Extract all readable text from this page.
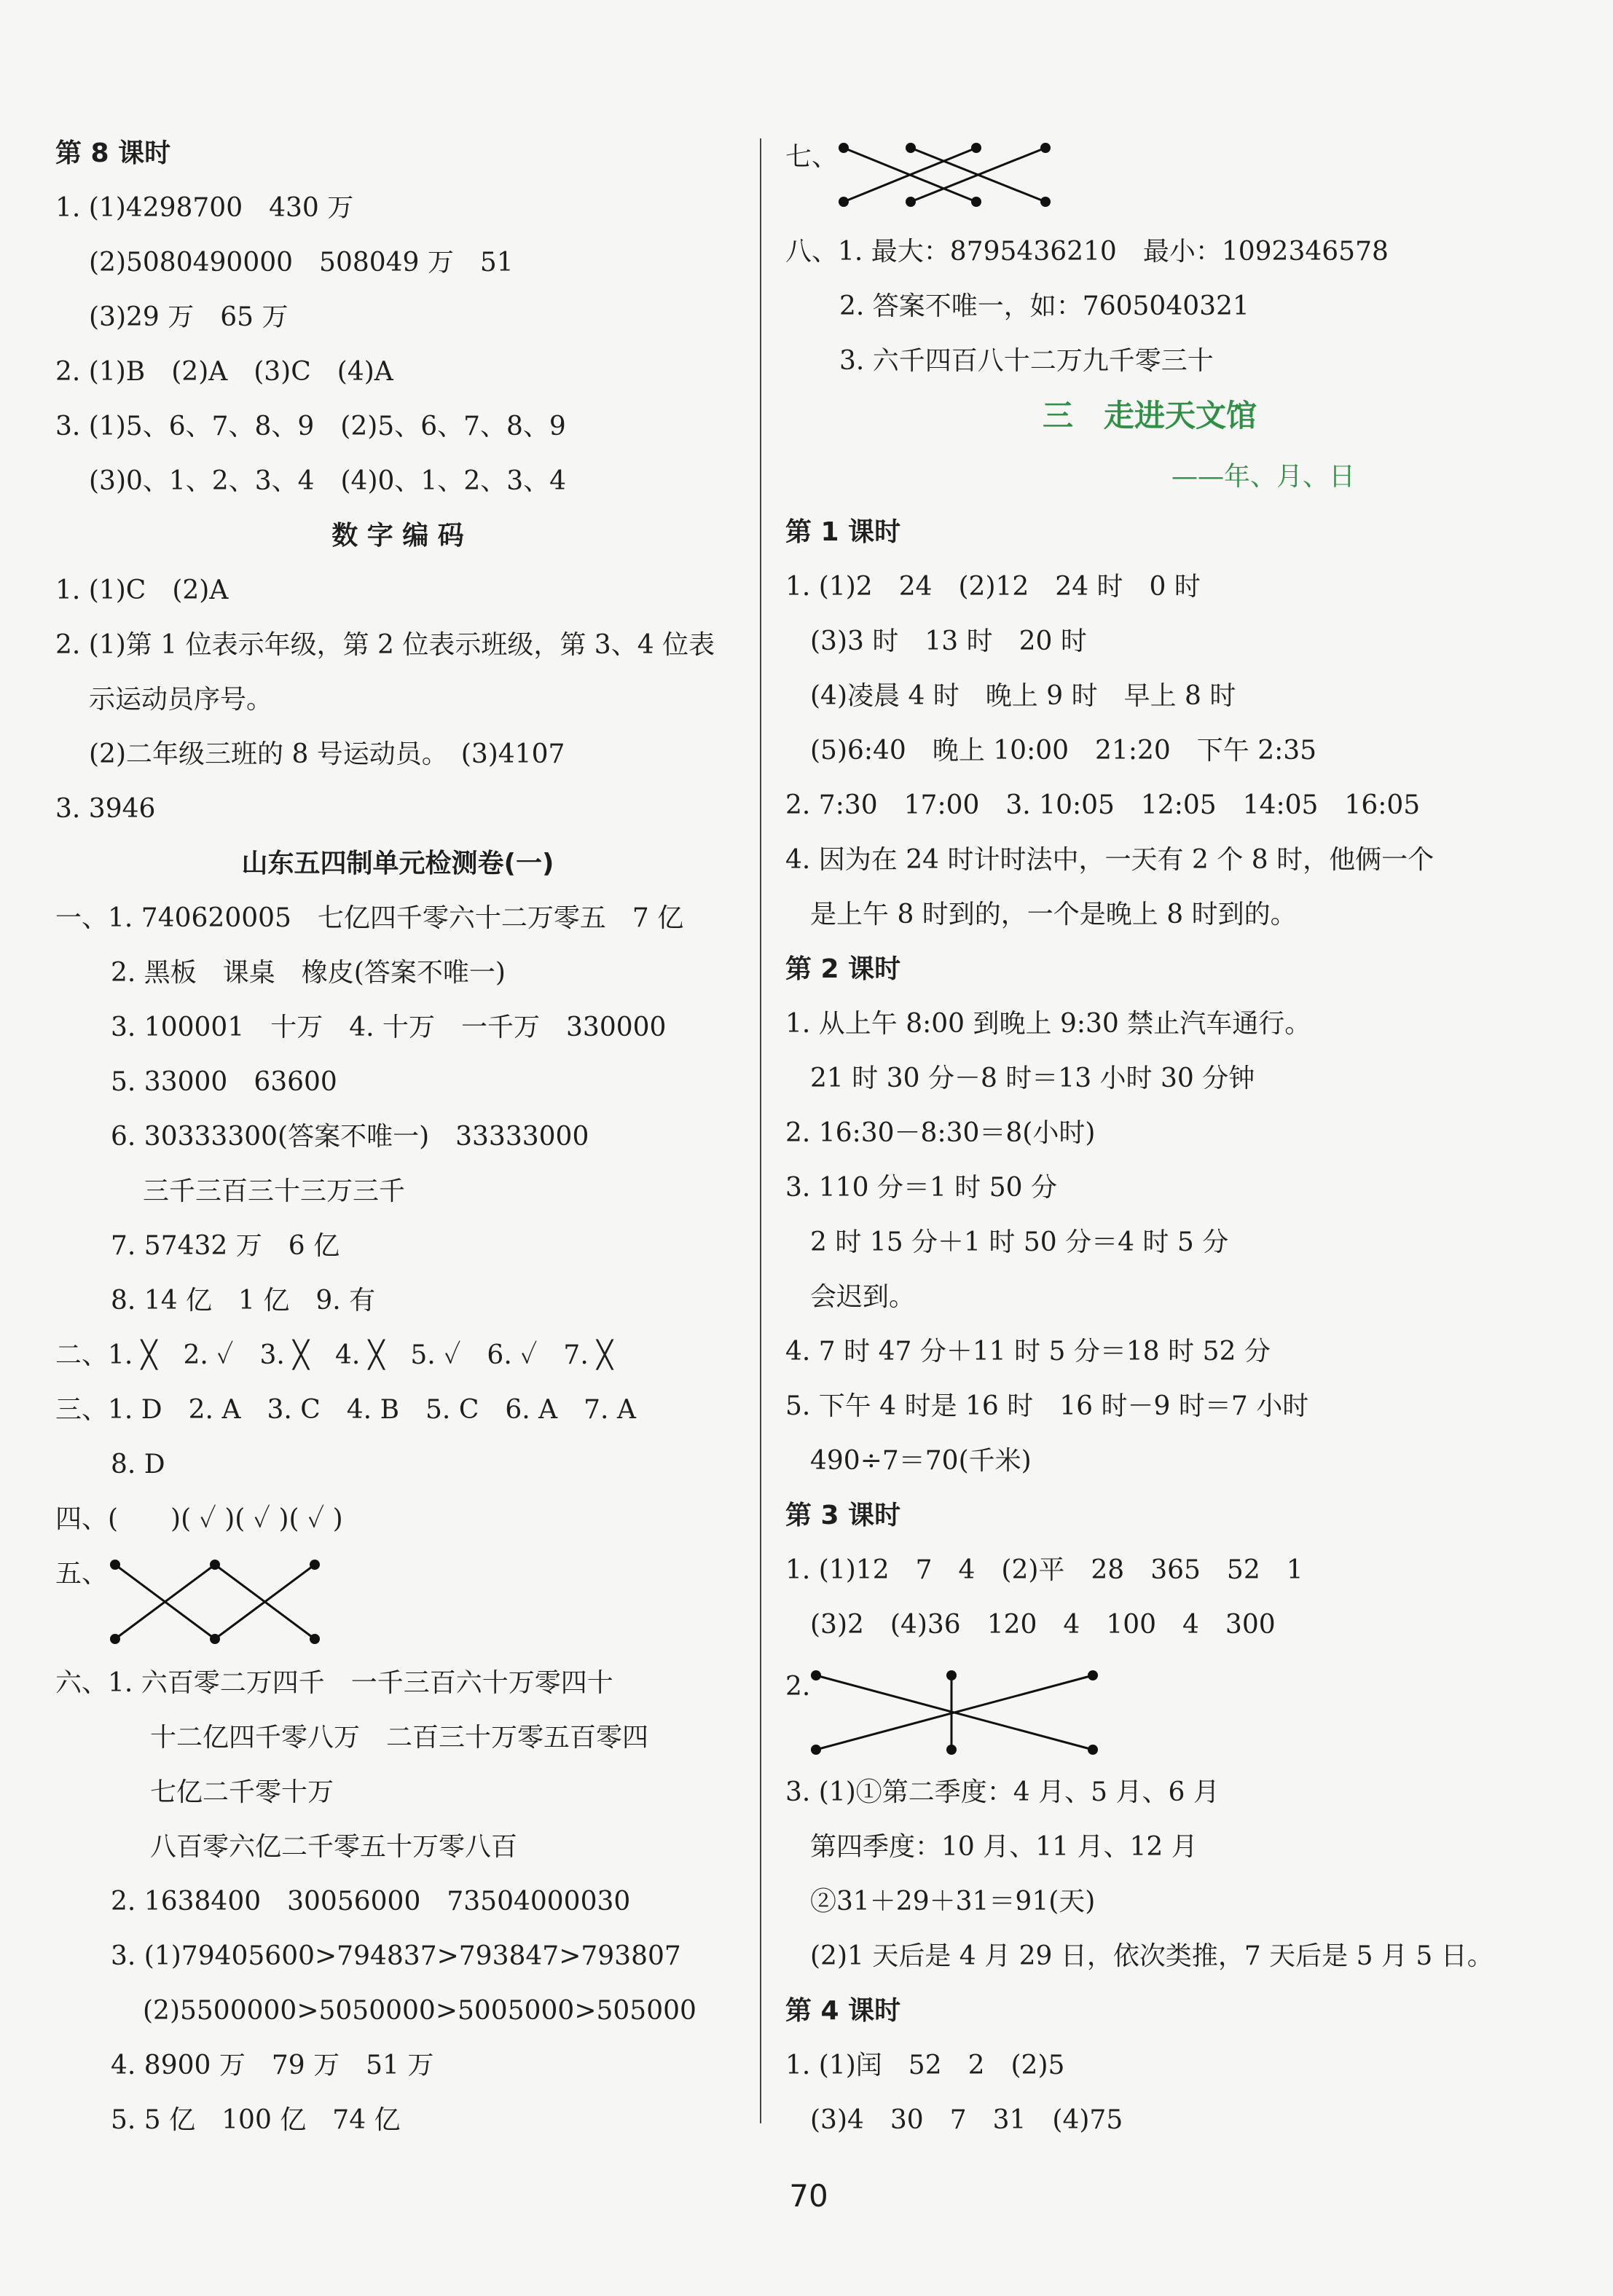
第 8 课时
1. (1)4298700　430 万
(2)5080490000　508049 万　51
(3)29 万　65 万
2. (1)B　(2)A　(3)C　(4)A
3. (1)5、6、7、8、9　(2)5、6、7、8、9
(3)0、1、2、3、4　(4)0、1、2、3、4
数 字 编 码
1. (1)C　(2)A
2. (1)第 1 位表示年级，第 2 位表示班级，第 3、4 位表
示运动员序号。
(2)二年级三班的 8 号运动员。　(3)4107
3. 3946
山东五四制单元检测卷(一)
一、1. 740620005　七亿四千零六十二万零五　7 亿
2. 黑板　课桌　橡皮(答案不唯一)
3. 100001　十万　4. 十万　一千万　330000
5. 33000　63600
6. 30333300(答案不唯一)　33333000
三千三百三十三万三千
7. 57432 万　6 亿
8. 14 亿　1 亿　9. 有
二、1. ╳　2. ✓　3. ╳　4. ╳　5. ✓　6. ✓　7. ╳
三、1. D　2. A　3. C　4. B　5. C　6. A　7. A
8. D
四、(　　)( ✓ )( ✓ )( ✓ )
五、
六、1. 六百零二万四千　一千三百六十万零四十
十二亿四千零八万　二百三十万零五百零四
七亿二千零十万
八百零六亿二千零五十万零八百
2. 1638400　30056000　73504000030
3. (1)79405600>794837>793847>793807
(2)5500000>5050000>5005000>505000
4. 8900 万　79 万　51 万
5. 5 亿　100 亿　74 亿
七、
八、1. 最大：8795436210　最小：1092346578
2. 答案不唯一，如：7605040321
3. 六千四百八十二万九千零三十
三　走进天文馆
——年、月、日
第 1 课时
1. (1)2　24　(2)12　24 时　0 时
(3)3 时　13 时　20 时
(4)凌晨 4 时　晚上 9 时　早上 8 时
(5)6:40　晚上 10:00　21:20　下午 2:35
2. 7:30　17:00　3. 10:05　12:05　14:05　16:05
4. 因为在 24 时计时法中，一天有 2 个 8 时，他俩一个
是上午 8 时到的，一个是晚上 8 时到的。
第 2 课时
1. 从上午 8:00 到晚上 9:30 禁止汽车通行。
21 时 30 分－8 时＝13 小时 30 分钟
2. 16:30－8:30＝8(小时)
3. 110 分＝1 时 50 分
2 时 15 分＋1 时 50 分＝4 时 5 分
会迟到。
4. 7 时 47 分＋11 时 5 分＝18 时 52 分
5. 下午 4 时是 16 时　16 时－9 时＝7 小时
490÷7＝70(千米)
第 3 课时
1. (1)12　7　4　(2)平　28　365　52　1
(3)2　(4)36　120　4　100　4　300
2.
3. (1)①第二季度：4 月、5 月、6 月
第四季度：10 月、11 月、12 月
②31＋29＋31＝91(天)
(2)1 天后是 4 月 29 日，依次类推，7 天后是 5 月 5 日。
第 4 课时
1. (1)闰　52　2　(2)5
(3)4　30　7　31　(4)75
70
